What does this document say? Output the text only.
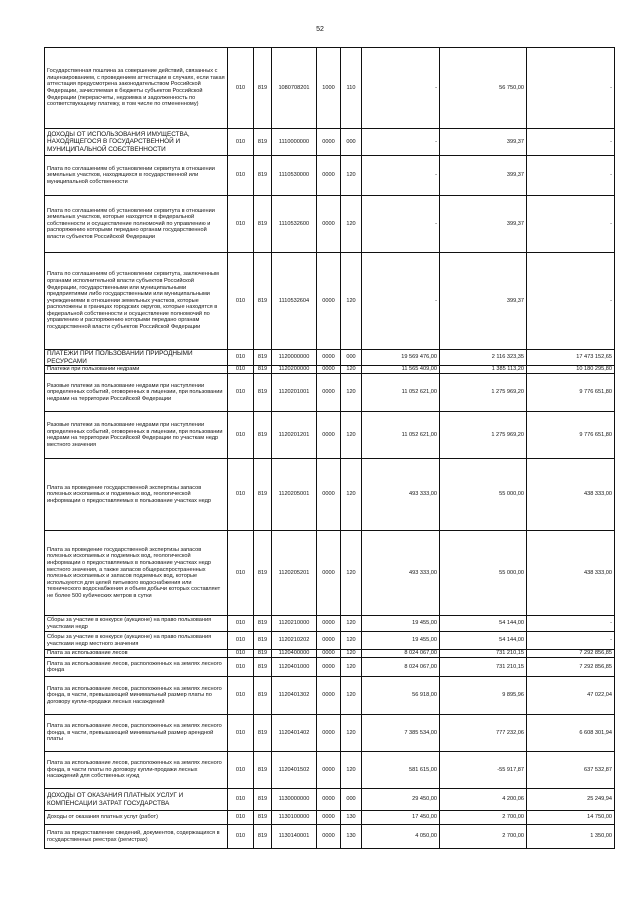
52
Государственная пошлина за совершение действий, связанных с лицензированием, с проведением аттестации в случаях, если такая аттестация предусмотрена законодательством Российской Федерации, зачисляемая в бюджеты субъектов Российской Федерации (перерасчеты, недоимка и задолженность по соответствующему платежу, в том числе по отмененному)	010	819	1080708201	1000	110	-	56 750,00	-
ДОХОДЫ ОТ ИСПОЛЬЗОВАНИЯ ИМУЩЕСТВА, НАХОДЯЩЕГОСЯ В ГОСУДАРСТВЕННОЙ И МУНИЦИПАЛЬНОЙ СОБСТВЕННОСТИ	010	819	1110000000	0000	000	-	399,37	-
Плата по соглашениям об установлении сервитута в отношении земельных участков, находящихся в государственной или муниципальной собственности	010	819	1110530000	0000	120	-	399,37	-
Плата по соглашениям об установлении сервитута в отношении земельных участков, которые находятся в федеральной собственности и осуществление полномочий по управлению и распоряжению которыми передано органам государственной власти субъектов Российской Федерации	010	819	1110532600	0000	120	-	399,37	-
Плата по соглашениям об установлении сервитута, заключенным органами исполнительной власти субъектов Российской Федерации, государственными или муниципальными предприятиями либо государственными или муниципальными учреждениями в отношении земельных участков, которые расположены в границах городских округов, которые находятся в федеральной собственности и осуществление полномочий по управлению и распоряжению которыми передано органам государственной власти субъектов Российской Федерации	010	819	1110532604	0000	120	-	399,37	-
ПЛАТЕЖИ ПРИ ПОЛЬЗОВАНИИ ПРИРОДНЫМИ РЕСУРСАМИ	010	819	1120000000	0000	000	19 569 476,00	2 116 323,35	17 473 152,65
Платежи при пользовании недрами	010	819	1120200000	0000	120	11 565 409,00	1 385 113,20	10 180 295,80
Разовые платежи за пользование недрами при наступлении определенных событий, оговоренных в лицензии, при пользовании недрами на территории Российской Федерации	010	819	1120201001	0000	120	11 052 621,00	1 275 969,20	9 776 651,80
Разовые платежи за пользование недрами при наступлении определенных событий, оговоренных в лицензии, при пользовании недрами на территории Российской Федерации по участкам недр местного значения	010	819	1120201201	0000	120	11 052 621,00	1 275 969,20	9 776 651,80
Плата за проведение государственной экспертизы запасов полезных ископаемых и подземных вод, геологической информации о предоставляемых в пользование участках недр	010	819	1120205001	0000	120	493 333,00	55 000,00	438 333,00
Плата за проведение государственной экспертизы запасов полезных ископаемых и подземных вод, геологической информации о предоставляемых в пользование участках недр местного значения, а также запасов общераспространенных полезных ископаемых и запасов подземных вод, которые используются для целей питьевого водоснабжения или технического водоснабжения и объем добычи которых составляет не более 500 кубических метров в сутки	010	819	1120205201	0000	120	493 333,00	55 000,00	438 333,00
Сборы за участие в конкурсе (аукционе) на право пользования участками недр	010	819	1120210000	0000	120	19 455,00	54 144,00	-
Сборы за участие в конкурсе (аукционе) на право пользования участками недр местного значения	010	819	1120210202	0000	120	19 455,00	54 144,00	-
Плата за использование лесов	010	819	1120400000	0000	120	8 024 067,00	731 210,15	7 292 856,85
Плата за использование лесов, расположенных на землях лесного фонда	010	819	1120401000	0000	120	8 024 067,00	731 210,15	7 292 856,85
Плата за использование лесов, расположенных на землях лесного фонда, в части, превышающей минимальный размер платы по договору купли-продажи лесных насаждений	010	819	1120401302	0000	120	56 918,00	9 895,96	47 022,04
Плата за использование лесов, расположенных на землях лесного фонда, в части, превышающей минимальный размер арендной платы	010	819	1120401402	0000	120	7 385 534,00	777 232,06	6 608 301,94
Плата за использование лесов, расположенных на землях лесного фонда, в части платы по договору купли-продажи лесных насаждений для собственных нужд	010	819	1120401502	0000	120	581 615,00	-55 917,87	637 532,87
ДОХОДЫ ОТ ОКАЗАНИЯ ПЛАТНЫХ УСЛУГ И КОМПЕНСАЦИИ ЗАТРАТ ГОСУДАРСТВА	010	819	1130000000	0000	000	29 450,00	4 200,06	25 249,94
Доходы от оказания платных услуг (работ)	010	819	1130100000	0000	130	17 450,00	2 700,00	14 750,00
Плата за предоставление сведений, документов, содержащихся в государственных реестрах (регистрах)	010	819	1130140001	0000	130	4 050,00	2 700,00	1 350,00
